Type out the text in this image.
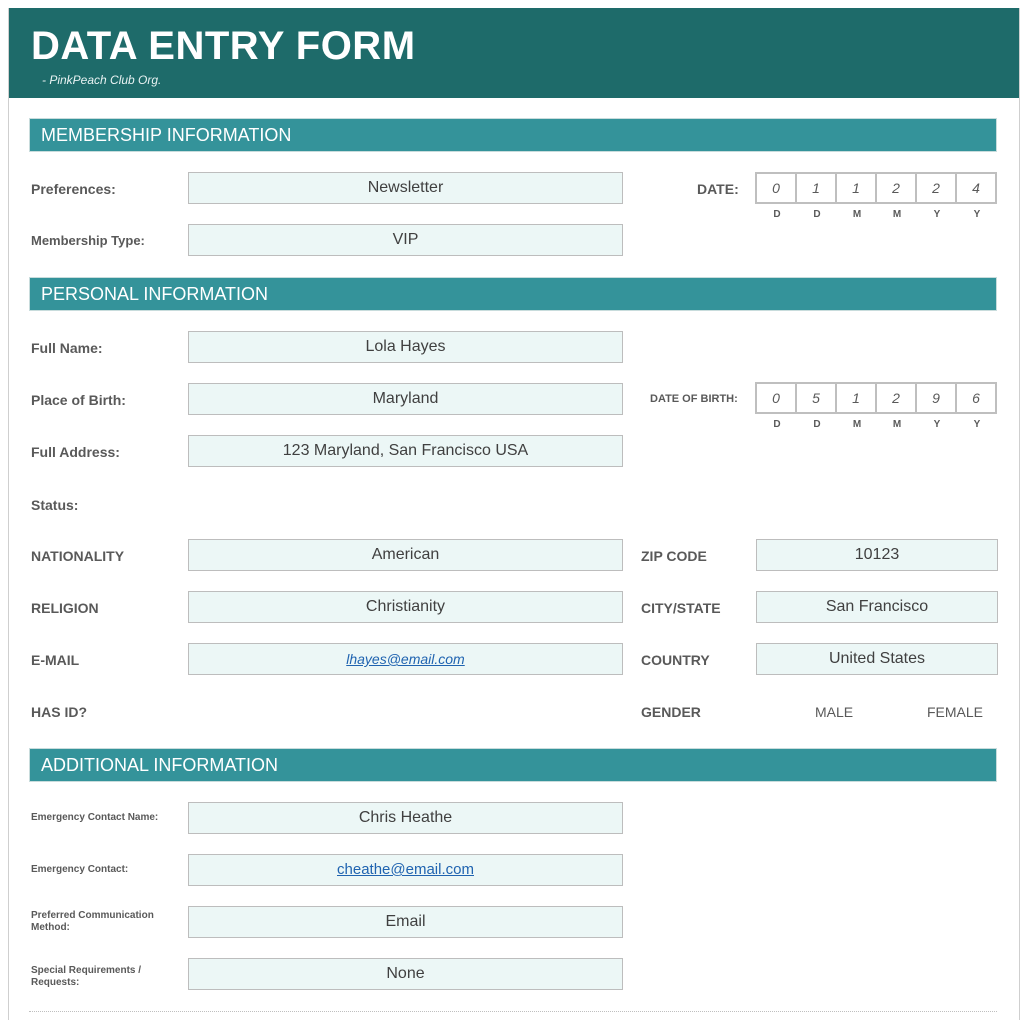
DATA ENTRY FORM
- PinkPeach Club Org.
MEMBERSHIP INFORMATION
Preferences:	Newsletter	DATE:	0	1	1	2	2	4
D	D	M	M	Y	Y
Membership Type:	VIP
PERSONAL INFORMATION
Full Name:	Lola Hayes
Place of Birth:	Maryland	DATE OF BIRTH:	0	5	1	2	9	6
D	D	M	M	Y	Y
Full Address:	123 Maryland, San Francisco USA
Status:
NATIONALITY	American	ZIP CODE	10123
RELIGION	Christianity	CITY/STATE	San Francisco
E-MAIL	lhayes@email.com	COUNTRY	United States
HAS ID?	GENDER	MALE	FEMALE
ADDITIONAL INFORMATION
Emergency Contact Name:	Chris Heathe
Emergency Contact:	cheathe@email.com
Preferred Communication Method:	Email
Special Requirements / Requests:
None
